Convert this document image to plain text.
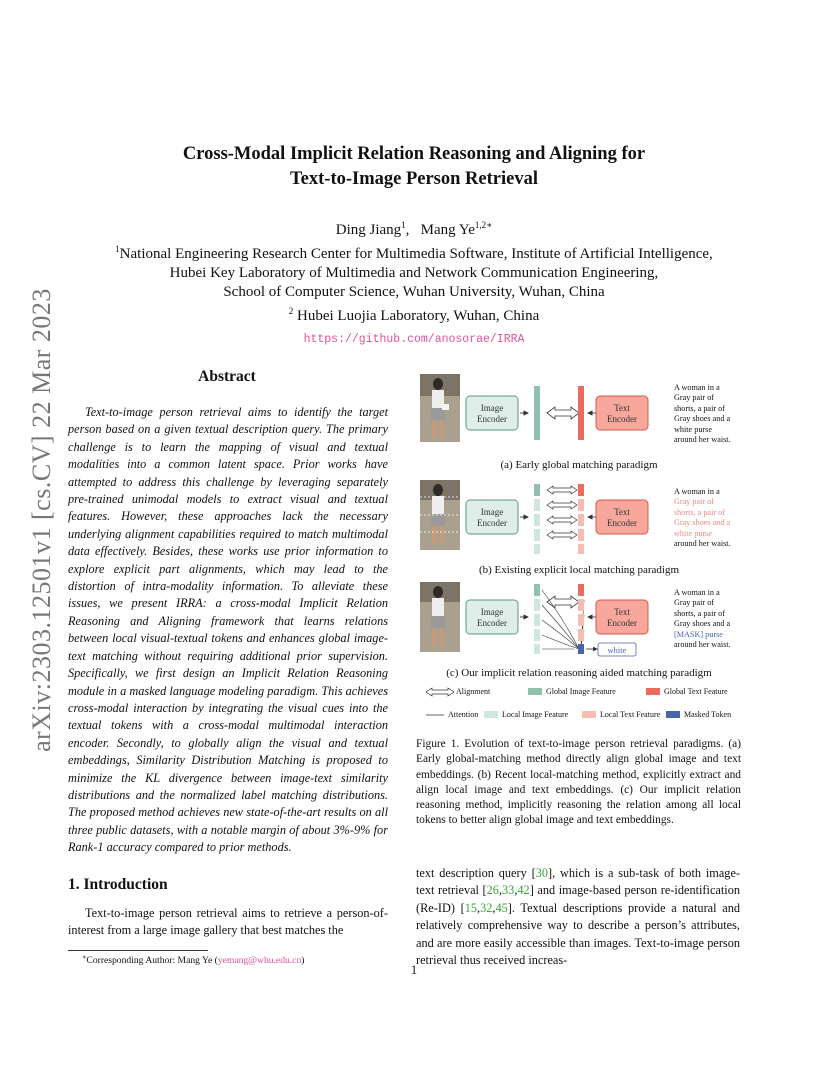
arXiv:2303.12501v1 [cs.CV] 22 Mar 2023
Cross-Modal Implicit Relation Reasoning and Aligning for
Text-to-Image Person Retrieval
Ding Jiang$^1$,   Mang $Ye^{1,2∗}$
$^1$National Engineering Research Center for Multimedia Software, Institute of Artificial Intelligence,
Hubei Key Laboratory of Multimedia and Network Communication Engineering,
School of Computer Science, Wuhan University, Wuhan, China
$^2$ Hubei Luojia Laboratory, Wuhan, China
https://github.com/anosorae/IRRA
Abstract
Text-to-image person retrieval aims to identify the target person based on a given textual description query. The primary challenge is to learn the mapping of visual and textual modalities into a common latent space. Prior works have attempted to address this challenge by leveraging separately pre-trained unimodal models to extract visual and textual features. However, these approaches lack the necessary underlying alignment capabilities required to match multimodal data effectively. Besides, these works use prior information to explore explicit part alignments, which may lead to the distortion of intra-modality information. To alleviate these issues, we present IRRA: a cross-modal Implicit Relation Reasoning and Aligning framework that learns relations between local visual-textual tokens and enhances global image-text matching without requiring additional prior supervision. Specifically, we first design an Implicit Relation Reasoning module in a masked language modeling paradigm. This achieves cross-modal interaction by integrating the visual cues into the textual tokens with a cross-modal multimodal interaction encoder. Secondly, to globally align the visual and textual embeddings, Similarity Distribution Matching is proposed to minimize the KL divergence between image-text similarity distributions and the normalized label matching distributions. The proposed method achieves new state-of-the-art results on all three public datasets, with a notable margin of about 3%-9% for Rank-1 accuracy compared to prior methods.
1. Introduction
Text-to-image person retrieval aims to retrieve a person-of-interest from a large image gallery that best matches the
∗Corresponding Author: Mang Ye (yemang@whu.edu.cn)
Image
Encoder
Text
Encoder
Image
Encoder
Text
Encoder
Image
Encoder
Text
Encoder
A woman in a
Gray pair of
shorts, a pair of
Gray shoes and a
white purse
around her waist.
(a) Early global matching paradigm
A woman in a
Gray pair of
shorts, a pair of
Gray shoes and a
white purse
around her waist.
(b) Existing explicit local matching paradigm
A woman in a
Gray pair of
shorts, a pair of
Gray shoes and a
[MASK] purse
around her waist.
white
(c) Our implicit relation reasoning aided matching paradigm
Alignment	Global Image Feature	Global Text Feature
Attention	Local Image Feature	Local Text Feature	Masked Token
Figure 1. Evolution of text-to-image person retrieval paradigms. (a) Early global-matching method directly align global image and text embeddings. (b) Recent local-matching method, explicitly extract and align local image and text embeddings. (c) Our implicit relation reasoning method, implicitly reasoning the relation among all local tokens to better align global image and text embeddings.
text description query [30], which is a sub-task of both image-text retrieval [26,33,42] and image-based person re-identification (Re-ID) [15,32,45]. Textual descriptions provide a natural and relatively comprehensive way to describe a person’s attributes, and are more easily accessible than images. Text-to-image person retrieval thus received increas-
1
